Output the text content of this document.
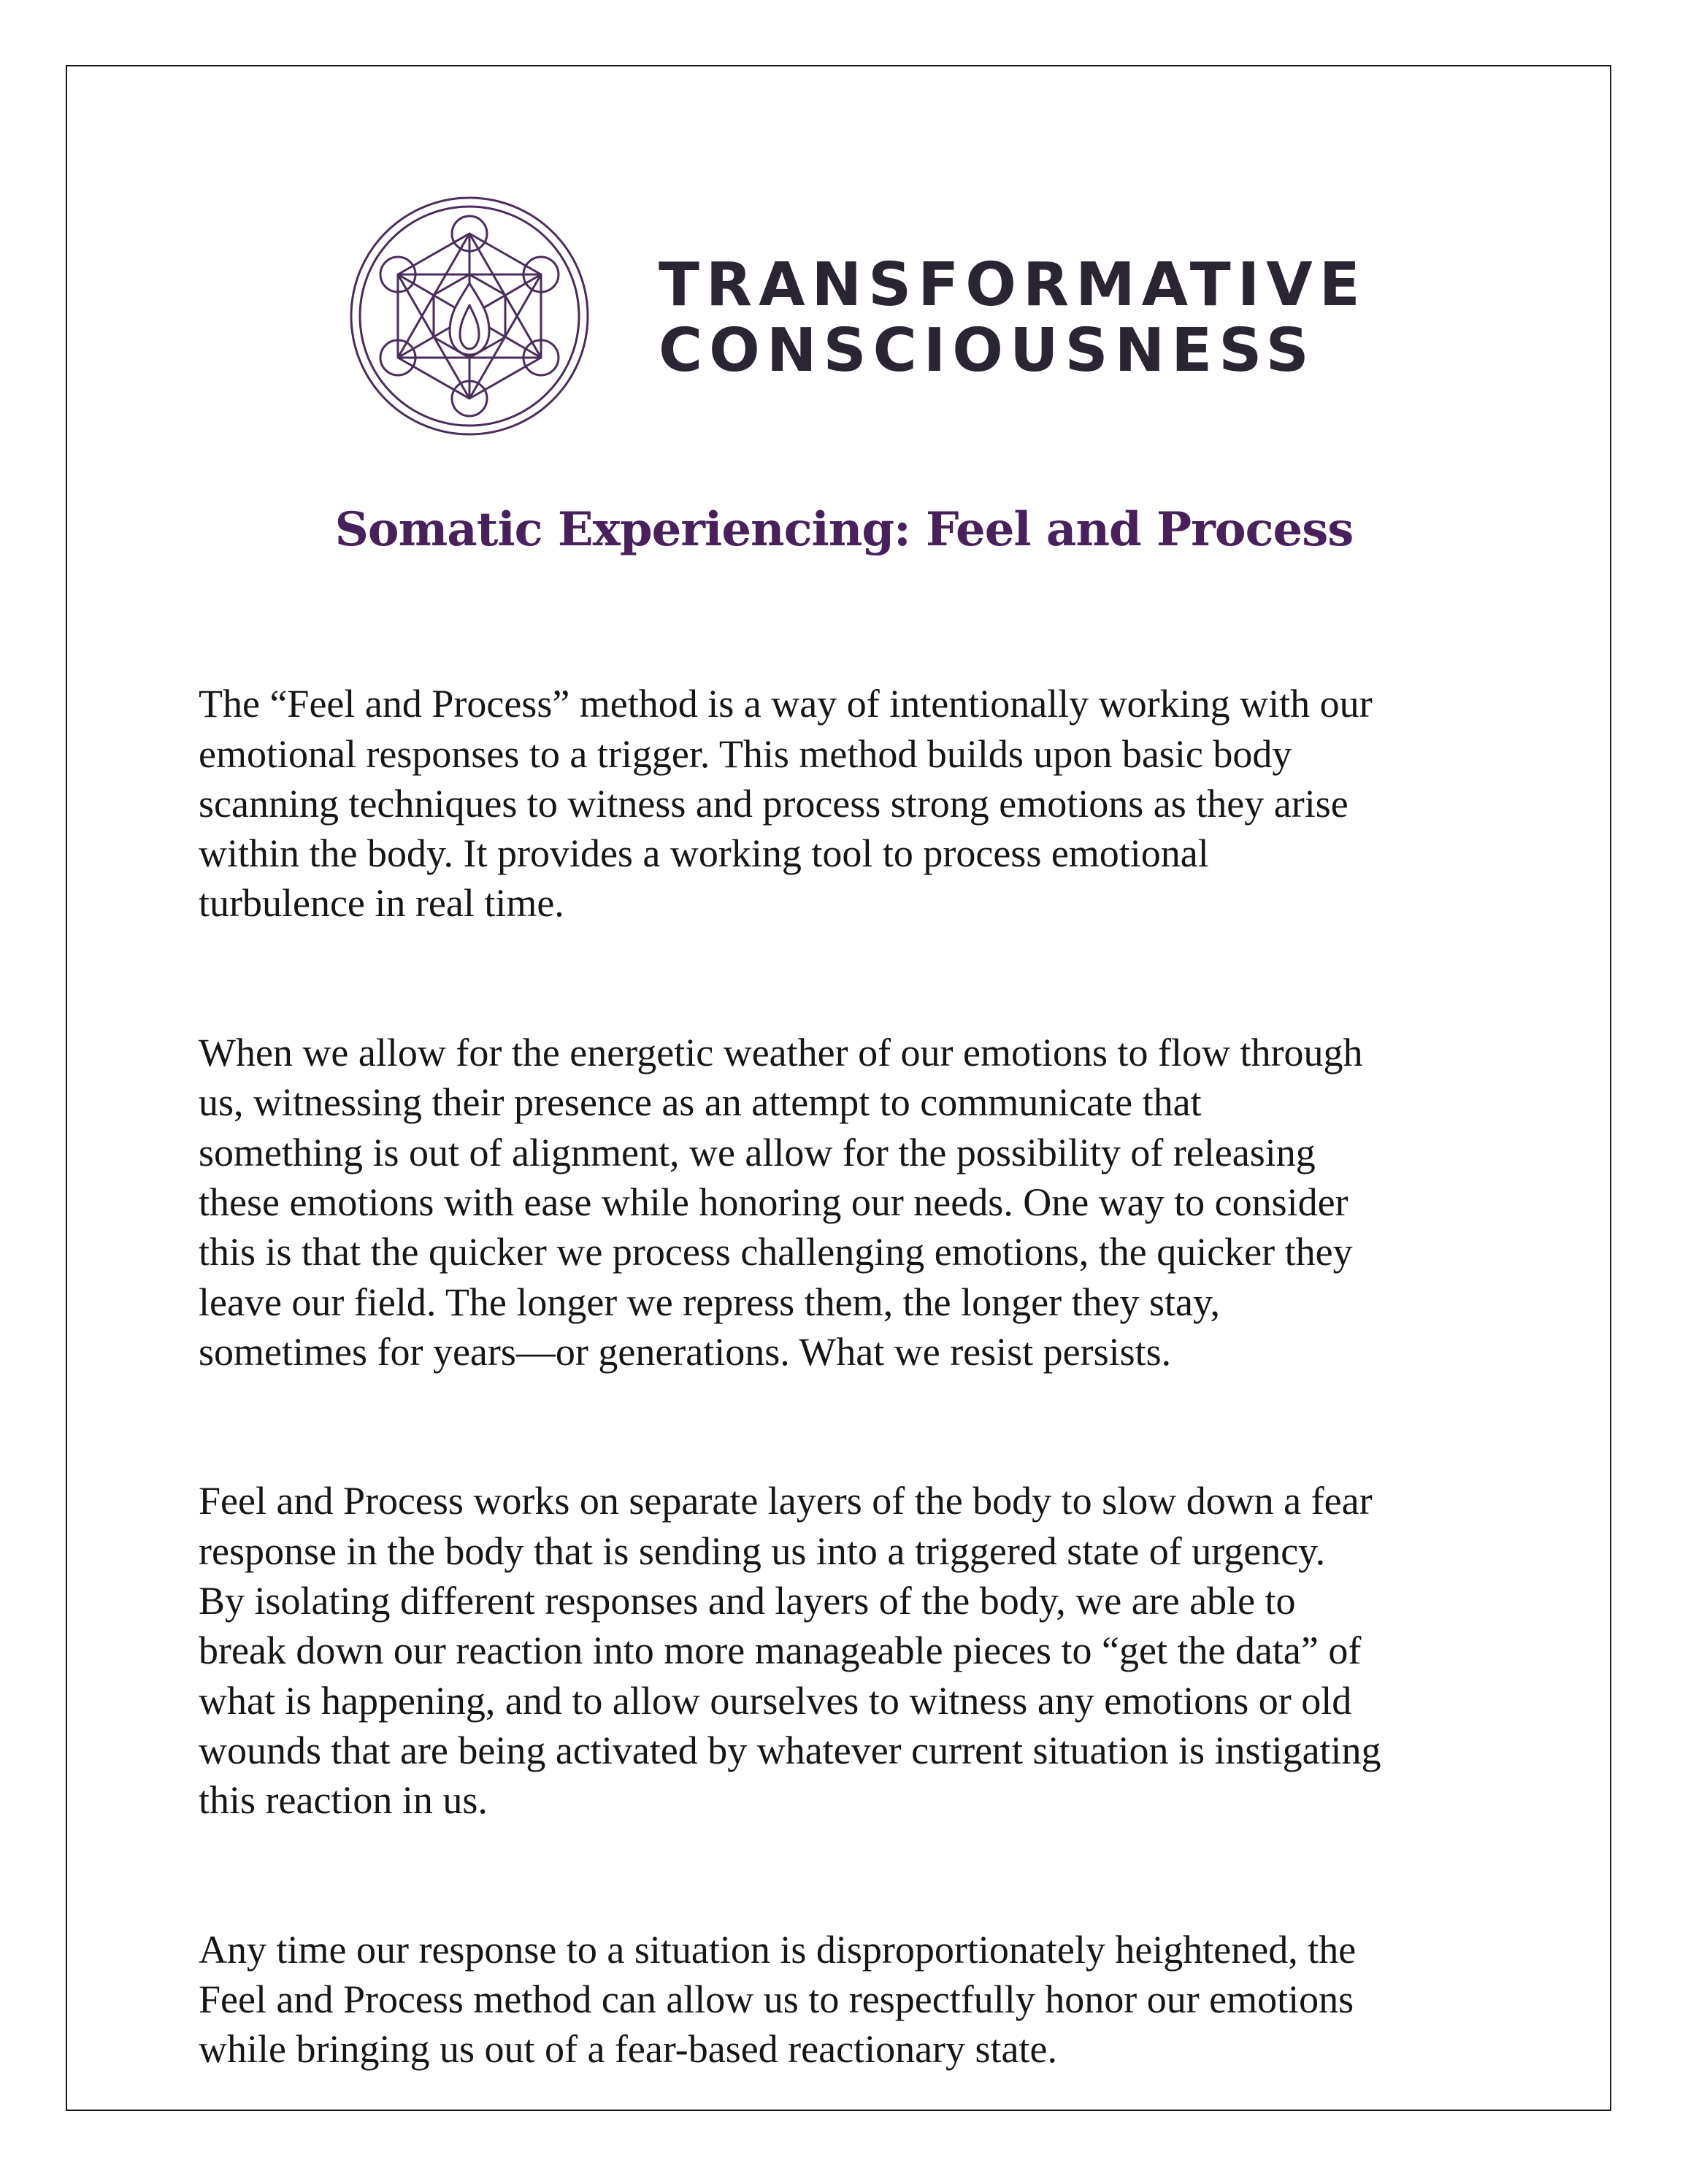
TRANSFORMATIVE
CONSCIOUSNESS
Somatic Experiencing: Feel and Process

The “Feel and Process” method is a way of intentionally working with our
emotional responses to a trigger. This method builds upon basic body
scanning techniques to witness and process strong emotions as they arise
within the body. It provides a working tool to process emotional
turbulence in real time.

When we allow for the energetic weather of our emotions to flow through
us, witnessing their presence as an attempt to communicate that
something is out of alignment, we allow for the possibility of releasing
these emotions with ease while honoring our needs. One way to consider
this is that the quicker we process challenging emotions, the quicker they
leave our field. The longer we repress them, the longer they stay,
sometimes for years—or generations. What we resist persists.

Feel and Process works on separate layers of the body to slow down a fear
response in the body that is sending us into a triggered state of urgency.
By isolating different responses and layers of the body, we are able to
break down our reaction into more manageable pieces to “get the data” of
what is happening, and to allow ourselves to witness any emotions or old
wounds that are being activated by whatever current situation is instigating
this reaction in us.

Any time our response to a situation is disproportionately heightened, the
Feel and Process method can allow us to respectfully honor our emotions
while bringing us out of a fear-based reactionary state.
